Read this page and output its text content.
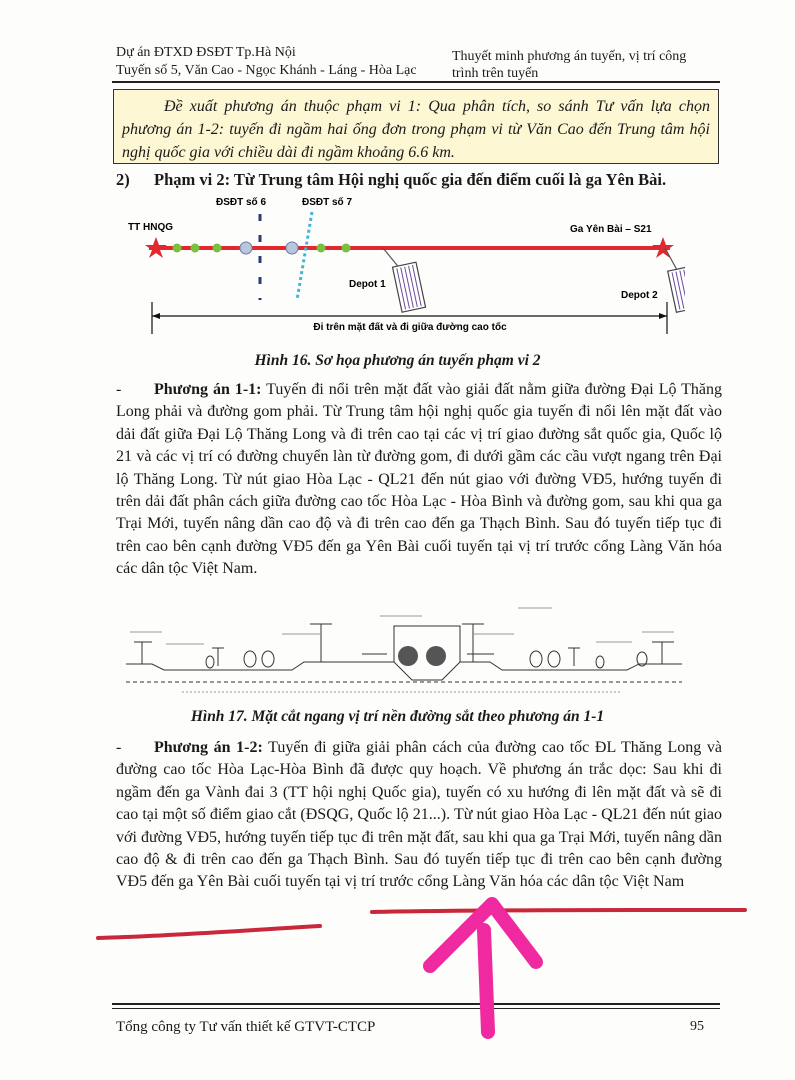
Dự án ĐTXD ĐSĐT Tp.Hà Nội
Tuyến số 5, Văn Cao - Ngọc Khánh - Láng - Hòa Lạc
Thuyết minh phương án tuyến, vị trí công
trình trên tuyến
Đề xuất phương án thuộc phạm vi 1: Qua phân tích, so sánh Tư vấn lựa chọn phương án 1-2: tuyến đi ngầm hai ống đơn trong phạm vi từ Văn Cao đến Trung tâm hội nghị quốc gia với chiều dài đi ngầm khoảng 6.6 km.
2) Phạm vi 2: Từ Trung tâm Hội nghị quốc gia đến điểm cuối là ga Yên Bài.
ĐSĐT số 6	ĐSĐT số 7
TT HNQG	Ga Yên Bài – S21
Depot 1
Depot 2
Đi trên mặt đất và đi giữa đường cao tốc
Hình 16. Sơ họa phương án tuyến phạm vi 2
- Phương án 1-1: Tuyến đi nổi trên mặt đất vào giải đất nằm giữa đường Đại Lộ Thăng Long phải và đường gom phải. Từ Trung tâm hội nghị quốc gia tuyến đi nổi lên mặt đất vào dải đất giữa Đại Lộ Thăng Long và đi trên cao tại các vị trí giao đường sắt quốc gia, Quốc lộ 21 và các vị trí có đường chuyển làn từ đường gom, đi dưới gầm các cầu vượt ngang trên Đại lộ Thăng Long. Từ nút giao Hòa Lạc - QL21 đến nút giao với đường VĐ5, hướng tuyến đi trên dải đất phân cách giữa đường cao tốc Hòa Lạc - Hòa Bình và đường gom, sau khi qua ga Trại Mới, tuyến nâng dần cao độ và đi trên cao đến ga Thạch Bình. Sau đó tuyến tiếp tục đi trên cao bên cạnh đường VĐ5 đến ga Yên Bài cuối tuyến tại vị trí trước cổng Làng Văn hóa các dân tộc Việt Nam.
Hình 17. Mặt cắt ngang vị trí nền đường sắt theo phương án 1-1
- Phương án 1-2: Tuyến đi giữa giải phân cách của đường cao tốc ĐL Thăng Long và đường cao tốc Hòa Lạc-Hòa Bình đã được quy hoạch. Về phương án trắc dọc: Sau khi đi ngầm đến ga Vành đai 3 (TT hội nghị Quốc gia), tuyến có xu hướng đi lên mặt đất và sẽ đi cao tại một số điểm giao cắt (ĐSQG, Quốc lộ 21...). Từ nút giao Hòa Lạc - QL21 đến nút giao với đường VĐ5, hướng tuyến tiếp tục đi trên mặt đất, sau khi qua ga Trại Mới, tuyến nâng dần cao độ & đi trên cao đến ga Thạch Bình. Sau đó tuyến tiếp tục đi trên cao bên cạnh đường VĐ5 đến ga Yên Bài cuối tuyến tại vị trí trước cổng Làng Văn hóa các dân tộc Việt Nam
Tổng công ty Tư vấn thiết kế GTVT-CTCP	95
